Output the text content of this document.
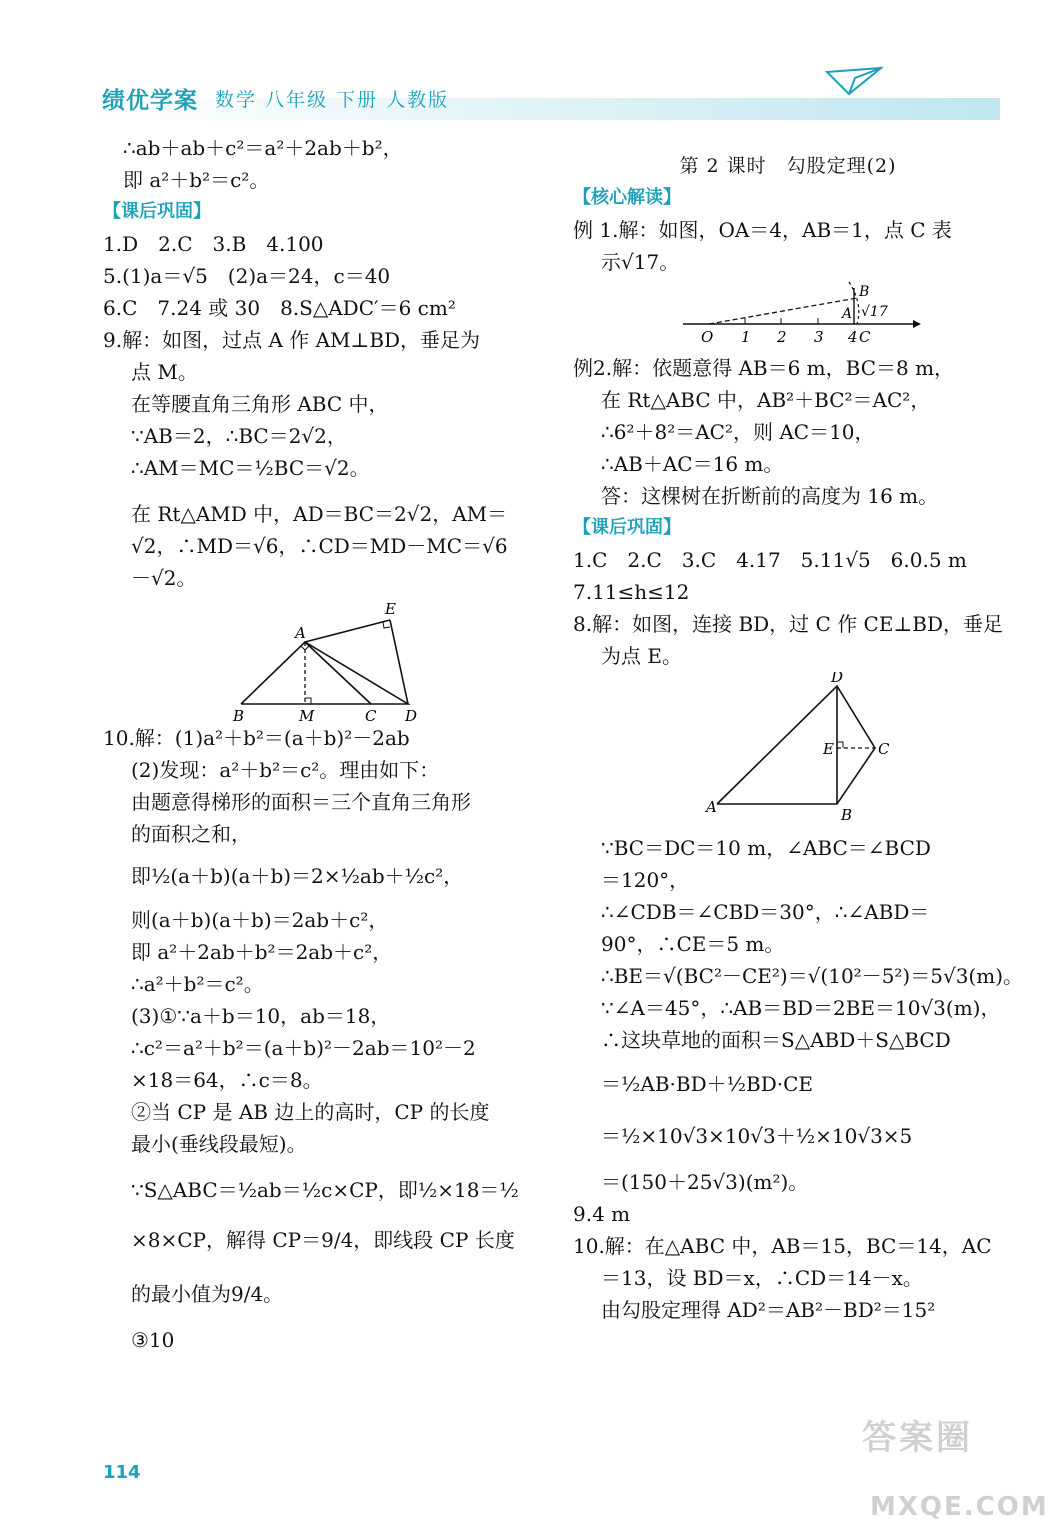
绩优学案 数学 八年级 下册 人教版
∴ab＋ab＋c²＝a²＋2ab＋b²，
即 a²＋b²＝c²。
【课后巩固】
1.D　2.C　3.B　4.100
5.(1)a＝√5　(2)a＝24，c＝40
6.C　7.24 或 30　8.S△ADC′＝6 cm²
9.解：如图，过点 A 作 AM⊥BD，垂足为
点 M。
在等腰直角三角形 ABC 中，
∵AB＝2，∴BC＝2√2，
∴AM＝MC＝½BC＝√2。
在 Rt△AMD 中，AD＝BC＝2√2，AM＝
√2，∴MD＝√6，∴CD＝MD－MC＝√6
－√2。
A
E
B	M	C D
10.解：(1)a²＋b²＝(a＋b)²－2ab
(2)发现：a²＋b²＝c²。理由如下：
由题意得梯形的面积＝三个直角三角形
的面积之和，
即½(a＋b)(a＋b)＝2×½ab＋½c²，
则(a＋b)(a＋b)＝2ab＋c²，
即 a²＋2ab＋b²＝2ab＋c²，
∴a²＋b²＝c²。
(3)①∵a＋b＝10，ab＝18，
∴c²＝a²＋b²＝(a＋b)²－2ab＝10²－2
×18＝64，∴c＝8。
②当 CP 是 AB 边上的高时，CP 的长度
最小(垂线段最短)。
∵S△ABC＝½ab＝½c×CP，即½×18＝½
×8×CP，解得 CP＝9/4，即线段 CP 长度
的最小值为9/4。
③10
第 2 课时　勾股定理(2)
【核心解读】
例 1.解：如图，OA＝4，AB＝1，点 C 表
示√17。
O 1 2 3 4 C
A
B
√17
例2.解：依题意得 AB＝6 m，BC＝8 m，
在 Rt△ABC 中，AB²＋BC²＝AC²，
∴6²＋8²＝AC²，则 AC＝10，
∴AB＋AC＝16 m。
答：这棵树在折断前的高度为 16 m。
【课后巩固】
1.C　2.C　3.C　4.17　5.11√5　6.0.5 m
7.11≤h≤12
8.解：如图，连接 BD，过 C 作 CE⊥BD，垂足
为点 E。
A	B
C
D
E
∵BC＝DC＝10 m，∠ABC＝∠BCD
＝120°，
∴∠CDB＝∠CBD＝30°，∴∠ABD＝
90°，∴CE＝5 m。
∴BE＝√(BC²－CE²)＝√(10²－5²)＝5√3(m)。
∵∠A＝45°，∴AB＝BD＝2BE＝10√3(m)，
∴这块草地的面积＝S△ABD＋S△BCD
＝½AB·BD＋½BD·CE
＝½×10√3×10√3＋½×10√3×5
＝(150＋25√3)(m²)。
9.4 m
10.解：在△ABC 中，AB＝15，BC＝14，AC
＝13，设 BD＝x，∴CD＝14－x。
由勾股定理得 AD²＝AB²－BD²＝15²
114
答案圈
MXQE.COM
